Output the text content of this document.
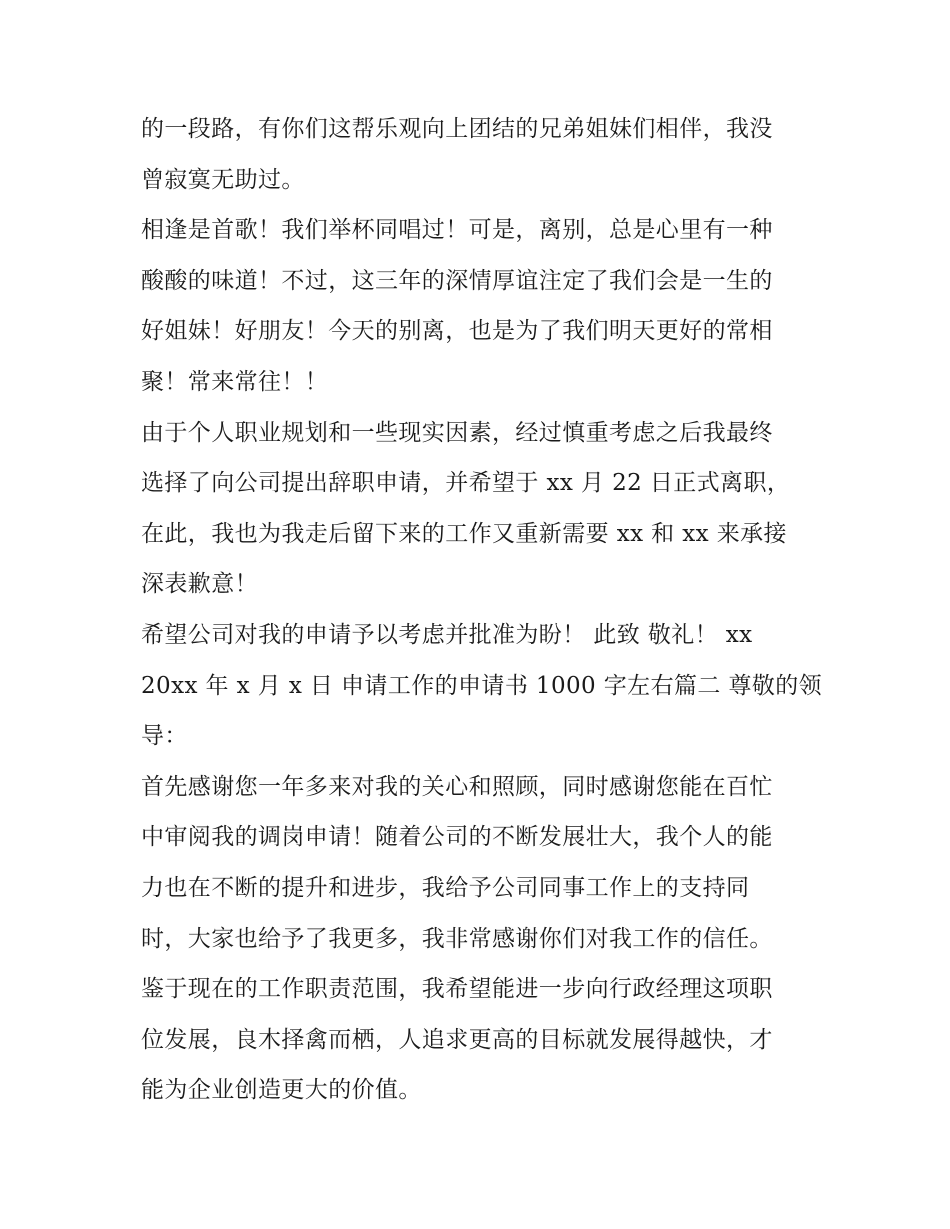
的一段路，有你们这帮乐观向上团结的兄弟姐妹们相伴，我没
曾寂寞无助过。
相逢是首歌！我们举杯同唱过！可是，离别，总是心里有一种
酸酸的味道！不过，这三年的深情厚谊注定了我们会是一生的
好姐妹！好朋友！今天的别离，也是为了我们明天更好的常相
聚！常来常往！！
由于个人职业规划和一些现实因素，经过慎重考虑之后我最终
选择了向公司提出辞职申请，并希望于 xx 月 22 日正式离职，
在此，我也为我走后留下来的工作又重新需要 xx 和 xx 来承接
深表歉意！
希望公司对我的申请予以考虑并批准为盼！ 此致 敬礼！ xx
20xx 年 x 月 x 日 申请工作的申请书 1000 字左右篇二 尊敬的领
导：
首先感谢您一年多来对我的关心和照顾，同时感谢您能在百忙
中审阅我的调岗申请！随着公司的不断发展壮大，我个人的能
力也在不断的提升和进步，我给予公司同事工作上的支持同
时，大家也给予了我更多，我非常感谢你们对我工作的信任。
鉴于现在的工作职责范围，我希望能进一步向行政经理这项职
位发展，良木择禽而栖，人追求更高的目标就发展得越快，才
能为企业创造更大的价值。
